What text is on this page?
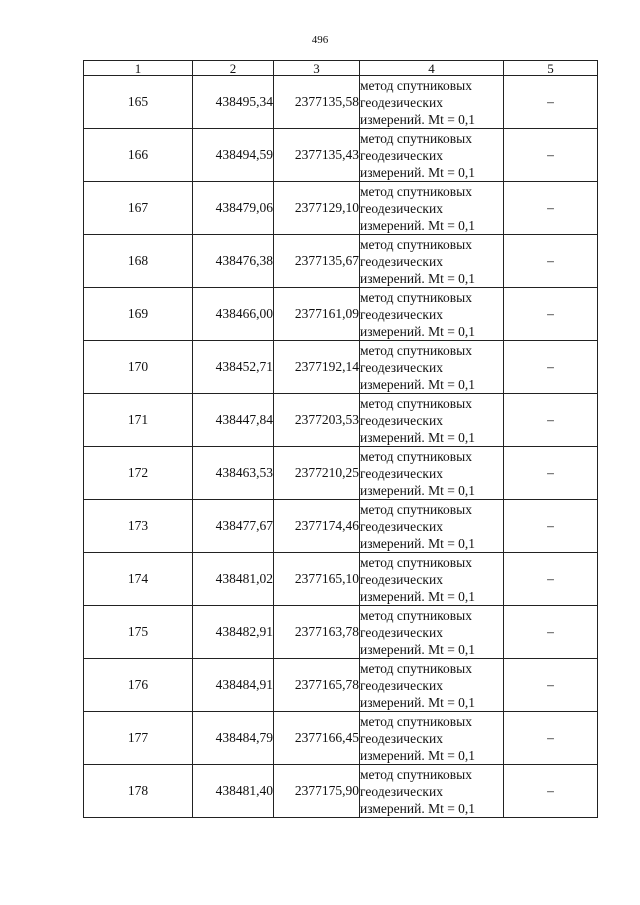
496
1	2	3	4	5
165	438495,34	2377135,58	метод спутниковых
геодезических
измерений. Mt = 0,1	–
166	438494,59	2377135,43	метод спутниковых
геодезических
измерений. Mt = 0,1	–
167	438479,06	2377129,10	метод спутниковых
геодезических
измерений. Mt = 0,1	–
168	438476,38	2377135,67	метод спутниковых
геодезических
измерений. Mt = 0,1	–
169	438466,00	2377161,09	метод спутниковых
геодезических
измерений. Mt = 0,1	–
170	438452,71	2377192,14	метод спутниковых
геодезических
измерений. Mt = 0,1	–
171	438447,84	2377203,53	метод спутниковых
геодезических
измерений. Mt = 0,1	–
172	438463,53	2377210,25	метод спутниковых
геодезических
измерений. Mt = 0,1	–
173	438477,67	2377174,46	метод спутниковых
геодезических
измерений. Mt = 0,1	–
174	438481,02	2377165,10	метод спутниковых
геодезических
измерений. Mt = 0,1	–
175	438482,91	2377163,78	метод спутниковых
геодезических
измерений. Mt = 0,1	–
176	438484,91	2377165,78	метод спутниковых
геодезических
измерений. Mt = 0,1	–
177	438484,79	2377166,45	метод спутниковых
геодезических
измерений. Mt = 0,1	–
178	438481,40	2377175,90	метод спутниковых
геодезических
измерений. Mt = 0,1	–
